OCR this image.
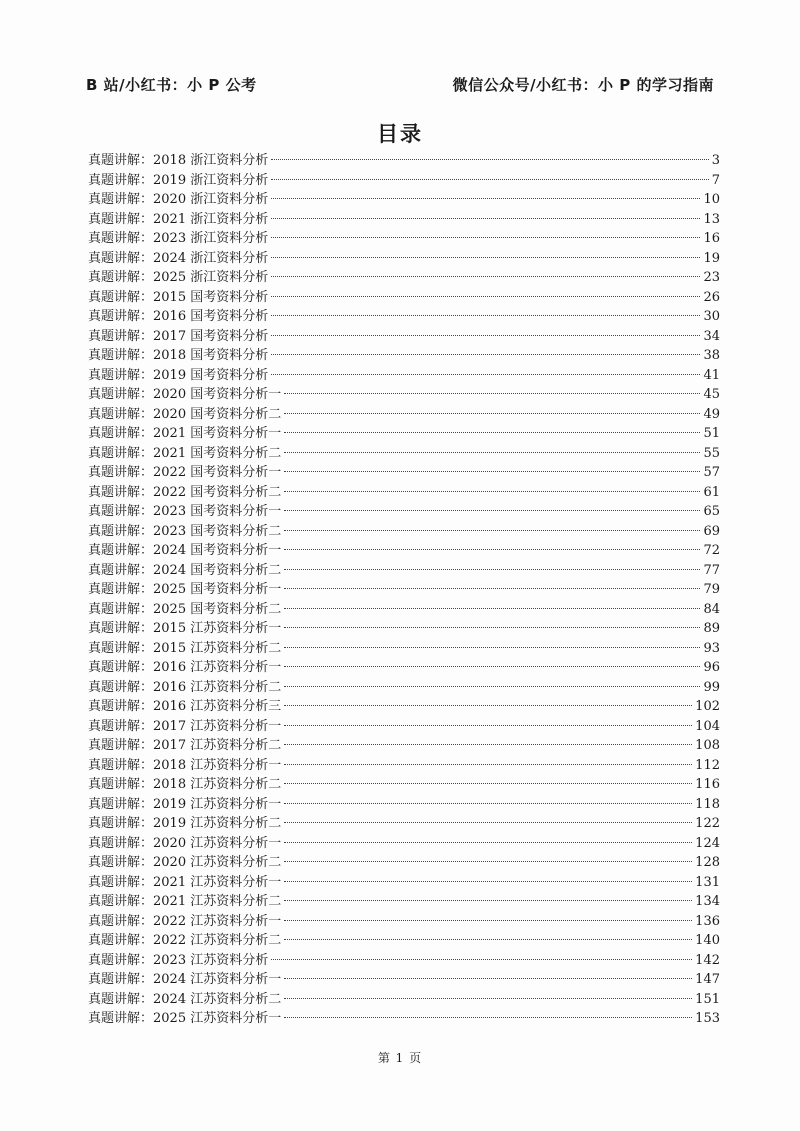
B 站/小红书：小 P 公考	微信公众号/小红书：小 P 的学习指南
目录
真题讲解：2018 浙江资料分析	3
真题讲解：2019 浙江资料分析	7
真题讲解：2020 浙江资料分析	10
真题讲解：2021 浙江资料分析	13
真题讲解：2023 浙江资料分析	16
真题讲解：2024 浙江资料分析	19
真题讲解：2025 浙江资料分析	23
真题讲解：2015 国考资料分析	26
真题讲解：2016 国考资料分析	30
真题讲解：2017 国考资料分析	34
真题讲解：2018 国考资料分析	38
真题讲解：2019 国考资料分析	41
真题讲解：2020 国考资料分析一	45
真题讲解：2020 国考资料分析二	49
真题讲解：2021 国考资料分析一	51
真题讲解：2021 国考资料分析二	55
真题讲解：2022 国考资料分析一	57
真题讲解：2022 国考资料分析二	61
真题讲解：2023 国考资料分析一	65
真题讲解：2023 国考资料分析二	69
真题讲解：2024 国考资料分析一	72
真题讲解：2024 国考资料分析二	77
真题讲解：2025 国考资料分析一	79
真题讲解：2025 国考资料分析二	84
真题讲解：2015 江苏资料分析一	89
真题讲解：2015 江苏资料分析二	93
真题讲解：2016 江苏资料分析一	96
真题讲解：2016 江苏资料分析二	99
真题讲解：2016 江苏资料分析三	102
真题讲解：2017 江苏资料分析一	104
真题讲解：2017 江苏资料分析二	108
真题讲解：2018 江苏资料分析一	112
真题讲解：2018 江苏资料分析二	116
真题讲解：2019 江苏资料分析一	118
真题讲解：2019 江苏资料分析二	122
真题讲解：2020 江苏资料分析一	124
真题讲解：2020 江苏资料分析二	128
真题讲解：2021 江苏资料分析一	131
真题讲解：2021 江苏资料分析二	134
真题讲解：2022 江苏资料分析一	136
真题讲解：2022 江苏资料分析二	140
真题讲解：2023 江苏资料分析	142
真题讲解：2024 江苏资料分析一	147
真题讲解：2024 江苏资料分析二	151
真题讲解：2025 江苏资料分析一	153
第 1 页
